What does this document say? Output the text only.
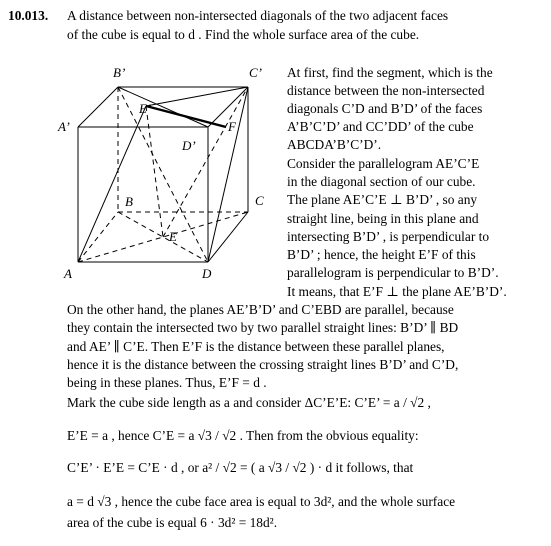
B’	C’
E’
A’	F
D’
B	C
E
A	D
10.013. A distance between non-intersected diagonals of the two adjacent faces
of the cube is equal to d . Find the whole surface area of the cube.
At first, find the segment, which is the
distance between the non-intersected
diagonals C’D and B’D’ of the faces
A’B’C’D’ and CC’DD’ of the cube
ABCDA’B’C’D’.
Consider the parallelogram AE’C’E
in the diagonal section of our cube.
The plane AE’C’E ⊥ B’D’ , so any
straight line, being in this plane and
intersecting B’D’ , is perpendicular to
B’D’ ; hence, the height E’F of this
parallelogram is perpendicular to B’D’.
It means, that E’F ⊥ the plane AE’B’D’.
On the other hand, the planes AE’B’D’ and C’EBD are parallel, because
they contain the intersected two by two parallel straight lines: B’D’ ∥ BD
and AE’ ∥ C’E. Then E’F is the distance between these parallel planes,
hence it is the distance between the crossing straight lines B’D’ and C’D,
being in these planes. Thus, E’F = d .
Mark the cube side length as a and consider ΔC’E’E: C’E’ = a / √2 ,
E’E = a , hence C’E = a √3 / √2 . Then from the obvious equality:
C’E’ · E’E = C’E · d , or a² / √2 = ( a √3 / √2 ) · d it follows, that
a = d √3 , hence the cube face area is equal to 3d², and the whole surface
area of the cube is equal 6 · 3d² = 18d².
